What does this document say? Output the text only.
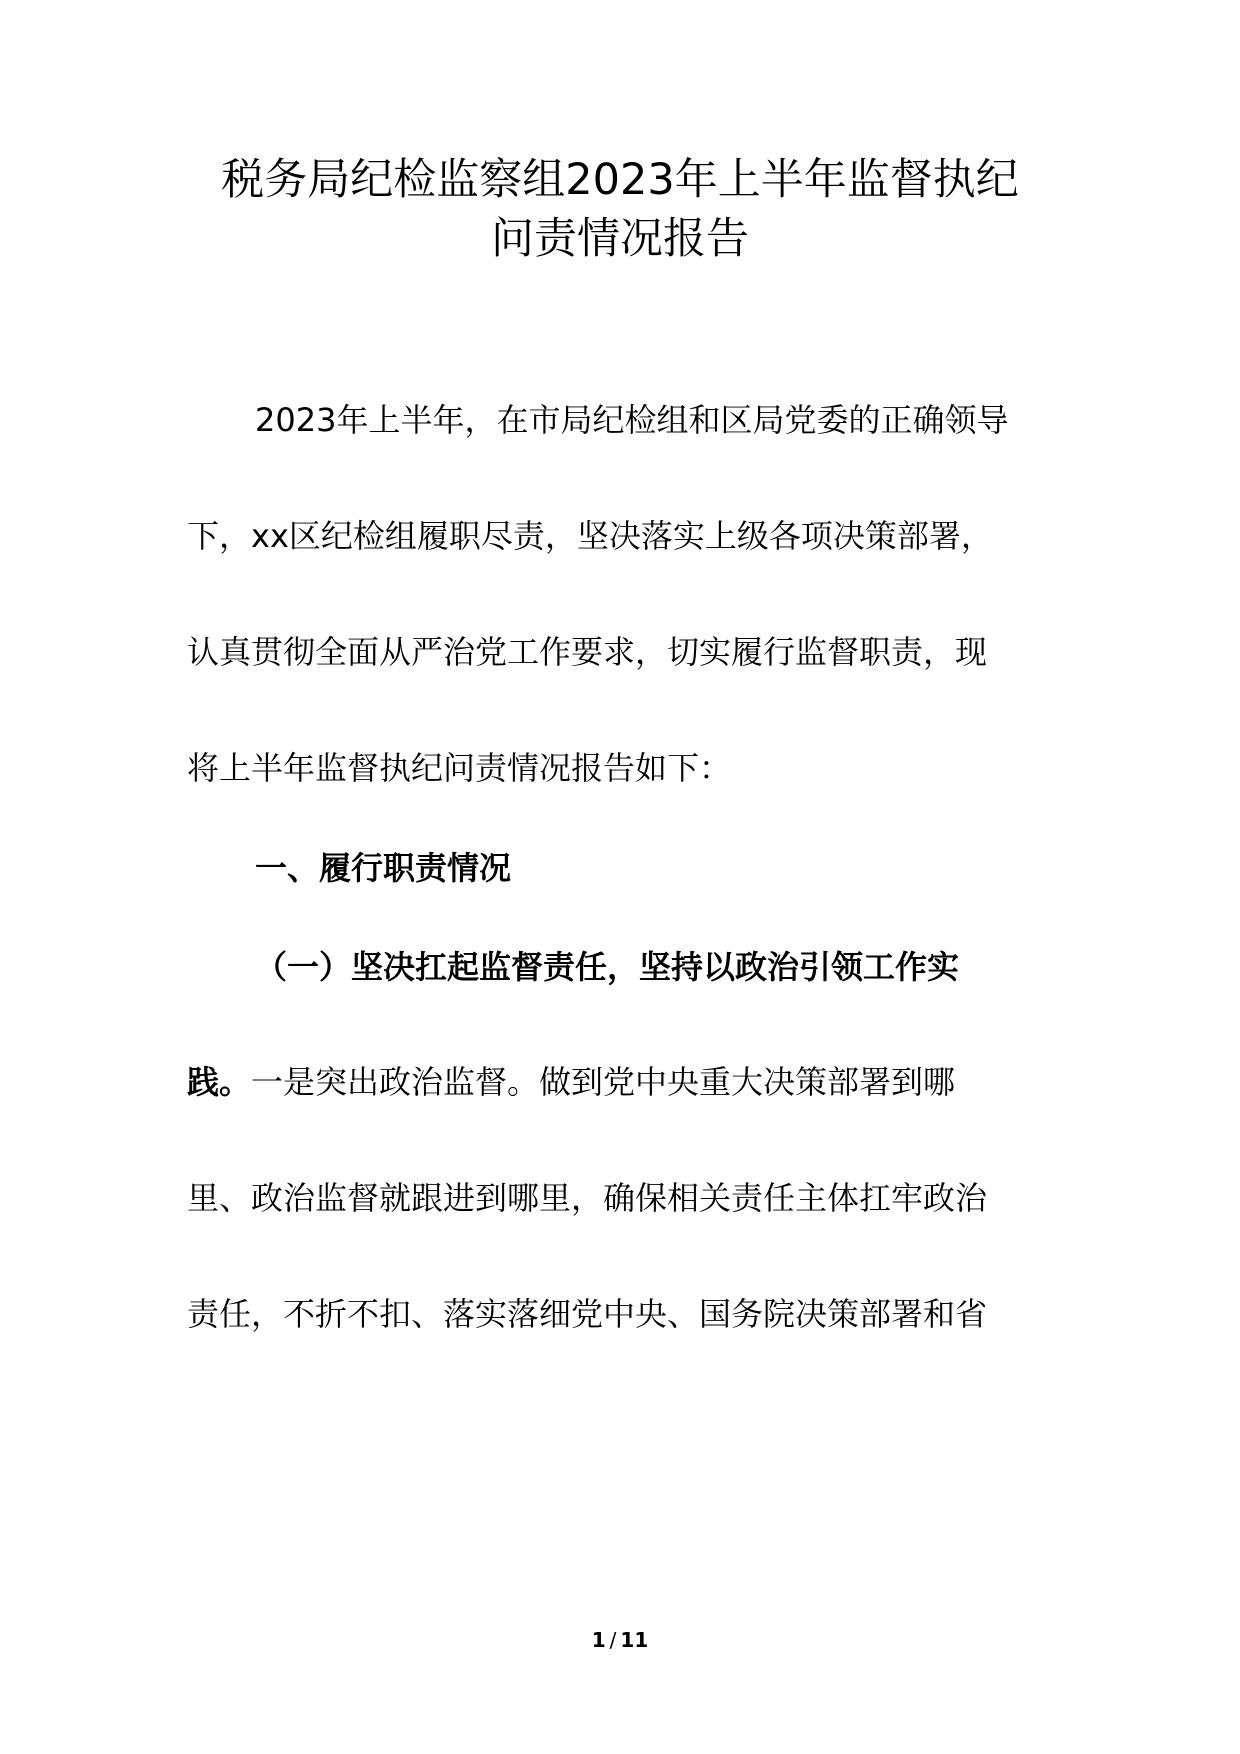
税务局纪检监察组2023年上半年监督执纪
问责情况报告
2023年上半年，在市局纪检组和区局党委的正确领导
下，xx区纪检组履职尽责，坚决落实上级各项决策部署，
认真贯彻全面从严治党工作要求，切实履行监督职责，现
将上半年监督执纪问责情况报告如下：
一、履行职责情况
（一）坚决扛起监督责任，坚持以政治引领工作实
践。一是突出政治监督。做到党中央重大决策部署到哪
里、政治监督就跟进到哪里，确保相关责任主体扛牢政治
责任，不折不扣、落实落细党中央、国务院决策部署和省
1 / 11
